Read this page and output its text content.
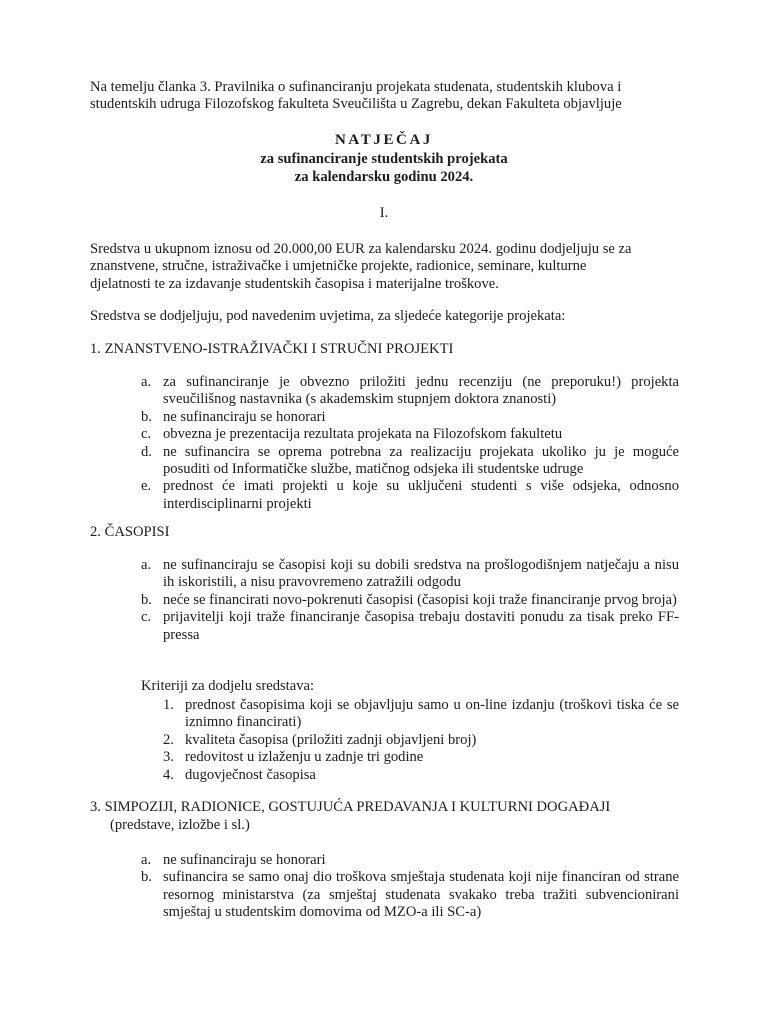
Na temelju članka 3. Pravilnika o sufinanciranju projekata studenata, studentskih klubova i

studentskih udruga Filozofskog fakulteta Sveučilišta u Zagrebu, dekan Fakulteta objavljuje

NATJEČAJ
za sufinanciranje studentskih projekata
za kalendarsku godinu 2024.
I.

Sredstva u ukupnom iznosu od 20.000,00 EUR za kalendarsku 2024. godinu dodjeljuju se za

znanstvene, stručne, istraživačke i umjetničke projekte, radionice, seminare, kulturne

djelatnosti te za izdavanje studentskih časopisa i materijalne troškove.

Sredstva se dodjeljuju, pod navedenim uvjetima, za sljedeće kategorije projekata:
1. ZNANSTVENO-ISTRAŽIVAČKI I STRUČNI PROJEKTI
a. za sufinanciranje je obvezno priložiti jednu recenziju (ne preporuku!) projekta sveučilišnog nastavnika (s akademskim stupnjem doktora znanosti)
b. ne sufinanciraju se honorari
c. obvezna je prezentacija rezultata projekata na Filozofskom fakultetu
d. ne sufinancira se oprema potrebna za realizaciju projekata ukoliko ju je moguće posuditi od Informatičke službe, matičnog odsjeka ili studentske udruge
e. prednost će imati projekti u koje su uključeni studenti s više odsjeka, odnosno interdisciplinarni projekti
2. ČASOPISI
a. ne sufinanciraju se časopisi koji su dobili sredstva na prošlogodišnjem natječaju a nisu ih iskoristili, a nisu pravovremeno zatražili odgodu
b. neće se financirati novo-pokrenuti časopisi (časopisi koji traže financiranje prvog broja)
c. prijavitelji koji traže financiranje časopisa trebaju dostaviti ponudu za tisak preko FF-pressa
Kriteriji za dodjelu sredstava:
1. prednost časopisima koji se objavljuju samo u on-line izdanju (troškovi tiska će se iznimno financirati)
2. kvaliteta časopisa (priložiti zadnji objavljeni broj)
3. redovitost u izlaženju u zadnje tri godine
4. dugovječnost časopisa
3. SIMPOZIJI, RADIONICE, GOSTUJUĆA PREDAVANJA I KULTURNI DOGAĐAJI
(predstave, izložbe i sl.)
a. ne sufinanciraju se honorari
b. sufinancira se samo onaj dio troškova smještaja studenata koji nije financiran od strane resornog ministarstva (za smještaj studenata svakako treba tražiti subvencionirani smještaj u studentskim domovima od MZO-a ili SC-a)
